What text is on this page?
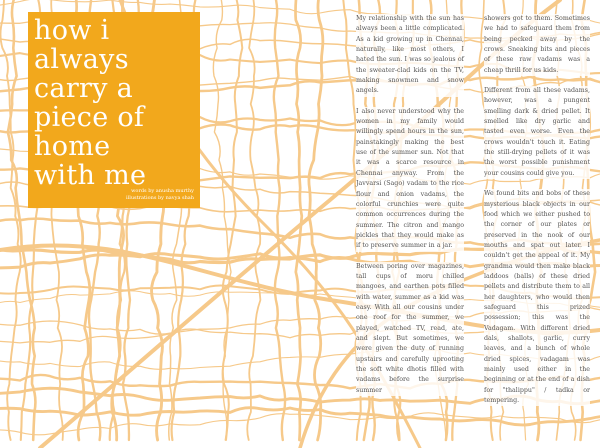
how i
always
carry a
piece of
home
with me
words by anusha murthy
illustrations by navya shah

My relationship with the sun has always been a little complicated. As a kid growing up in Chennai, naturally, like most others, I hated the sun. I was so jealous of the sweater-clad kids on the TV, making snowmen and snow angels.

I also never understood why the women in my family would willingly spend hours in the sun, painstakingly making the best use of the summer sun. Not that it was a scarce resource in Chennai anyway. From the Javvarsi (Sago) vadam to the rice flour and onion vadams, the colorful crunchies were quite common occurrences during the summer. The citron and mango pickles that they would make as if to preserve summer in a jar.

Between poring over magazines, tall cups of moru chilled mangoes, and earthen pots filled with water, summer as a kid was easy. With all our cousins under one roof for the summer, we played, watched TV, read, ate, and slept. But sometimes, we were given the duty of running upstairs and carefully uprooting the soft white dhotis filled with vadams before the surprise summer

showers got to them. Sometimes we had to safeguard them from being pecked away by the crows. Sneaking bits and pieces of these raw vadams was a cheap thrill for us kids.

Different from all these vadams, however, was a pungent smelling dark & dried pellet. It smelled like dry garlic and tasted even worse. Even the crows wouldn't touch it. Eating the still-drying pellets of it was the worst possible punishment your cousins could give you.

We found bits and bobs of these mysterious black objects in our food which we either pushed to the corner of our plates or preserved in the nook of our mouths and spat out later. I couldn't get the appeal of it. My grandma would then make black laddoos (balls) of these dried pellets and distribute them to all her daughters, who would then safeguard this prized possession; this was the Vadagam. With different dried dals, shallots, garlic, curry leaves, and a bunch of whole dried spices, vadagam was mainly used either in the beginning or at the end of a dish for "thalippu" / tadka or tempering.
